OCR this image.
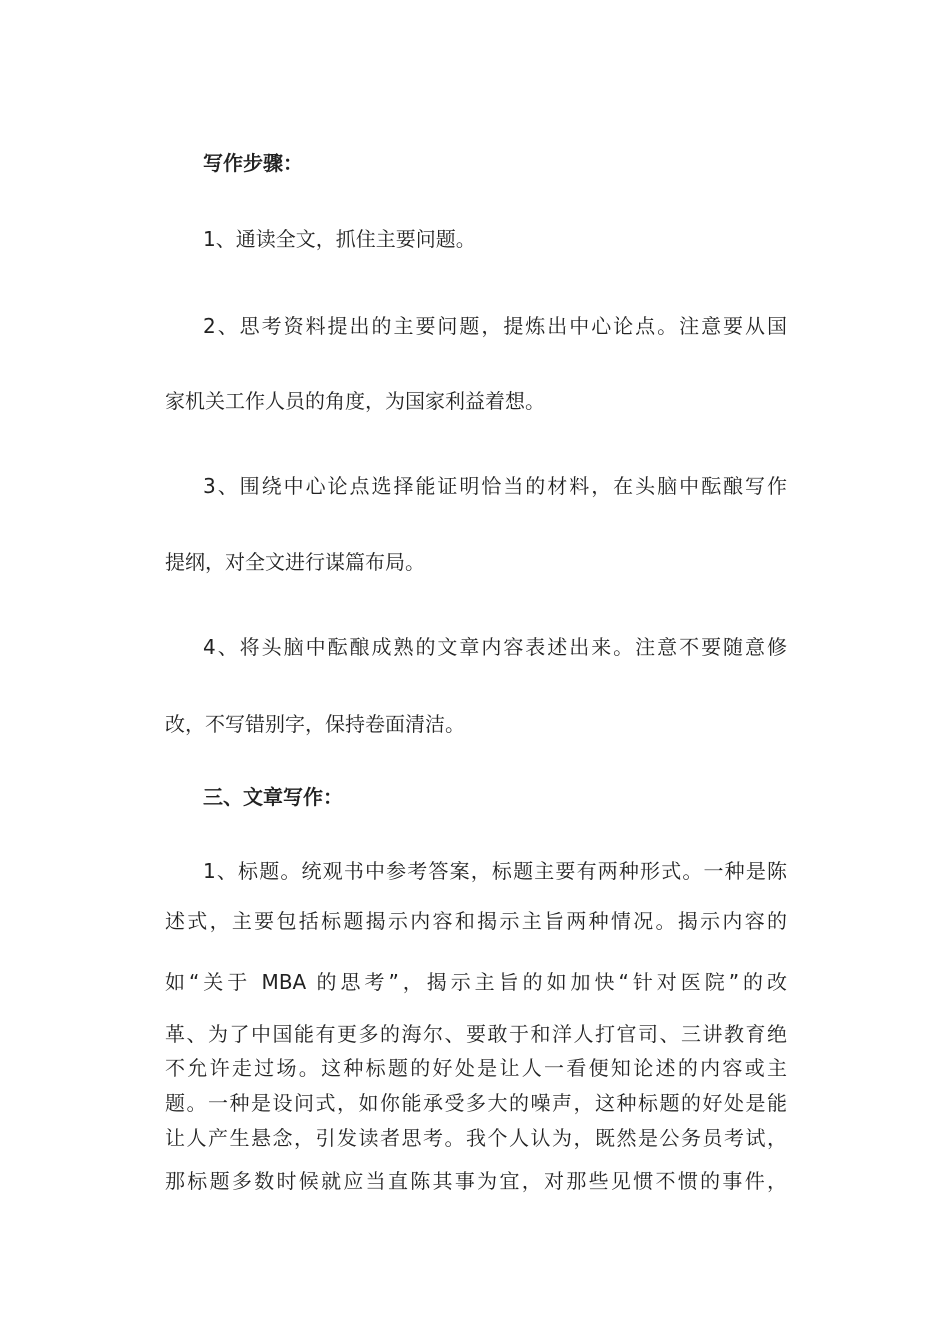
写作步骤：
1、通读全文，抓住主要问题。
2、思考资料提出的主要问题，提炼出中心论点。注意要从国
家机关工作人员的角度，为国家利益着想。
3、围绕中心论点选择能证明恰当的材料，在头脑中酝酿写作
提纲，对全文进行谋篇布局。
4、将头脑中酝酿成熟的文章内容表述出来。注意不要随意修
改，不写错别字，保持卷面清洁。
三、文章写作：
1、标题。统观书中参考答案，标题主要有两种形式。一种是陈
述式，主要包括标题揭示内容和揭示主旨两种情况。揭示内容的
如“关于 MBA 的思考”，揭示主旨的如加快“针对医院”的改
革、为了中国能有更多的海尔、要敢于和洋人打官司、三讲教育绝
不允许走过场。这种标题的好处是让人一看便知论述的内容或主
题。一种是设问式，如你能承受多大的噪声，这种标题的好处是能
让人产生悬念，引发读者思考。我个人认为，既然是公务员考试，
那标题多数时候就应当直陈其事为宜，对那些见惯不惯的事件，
